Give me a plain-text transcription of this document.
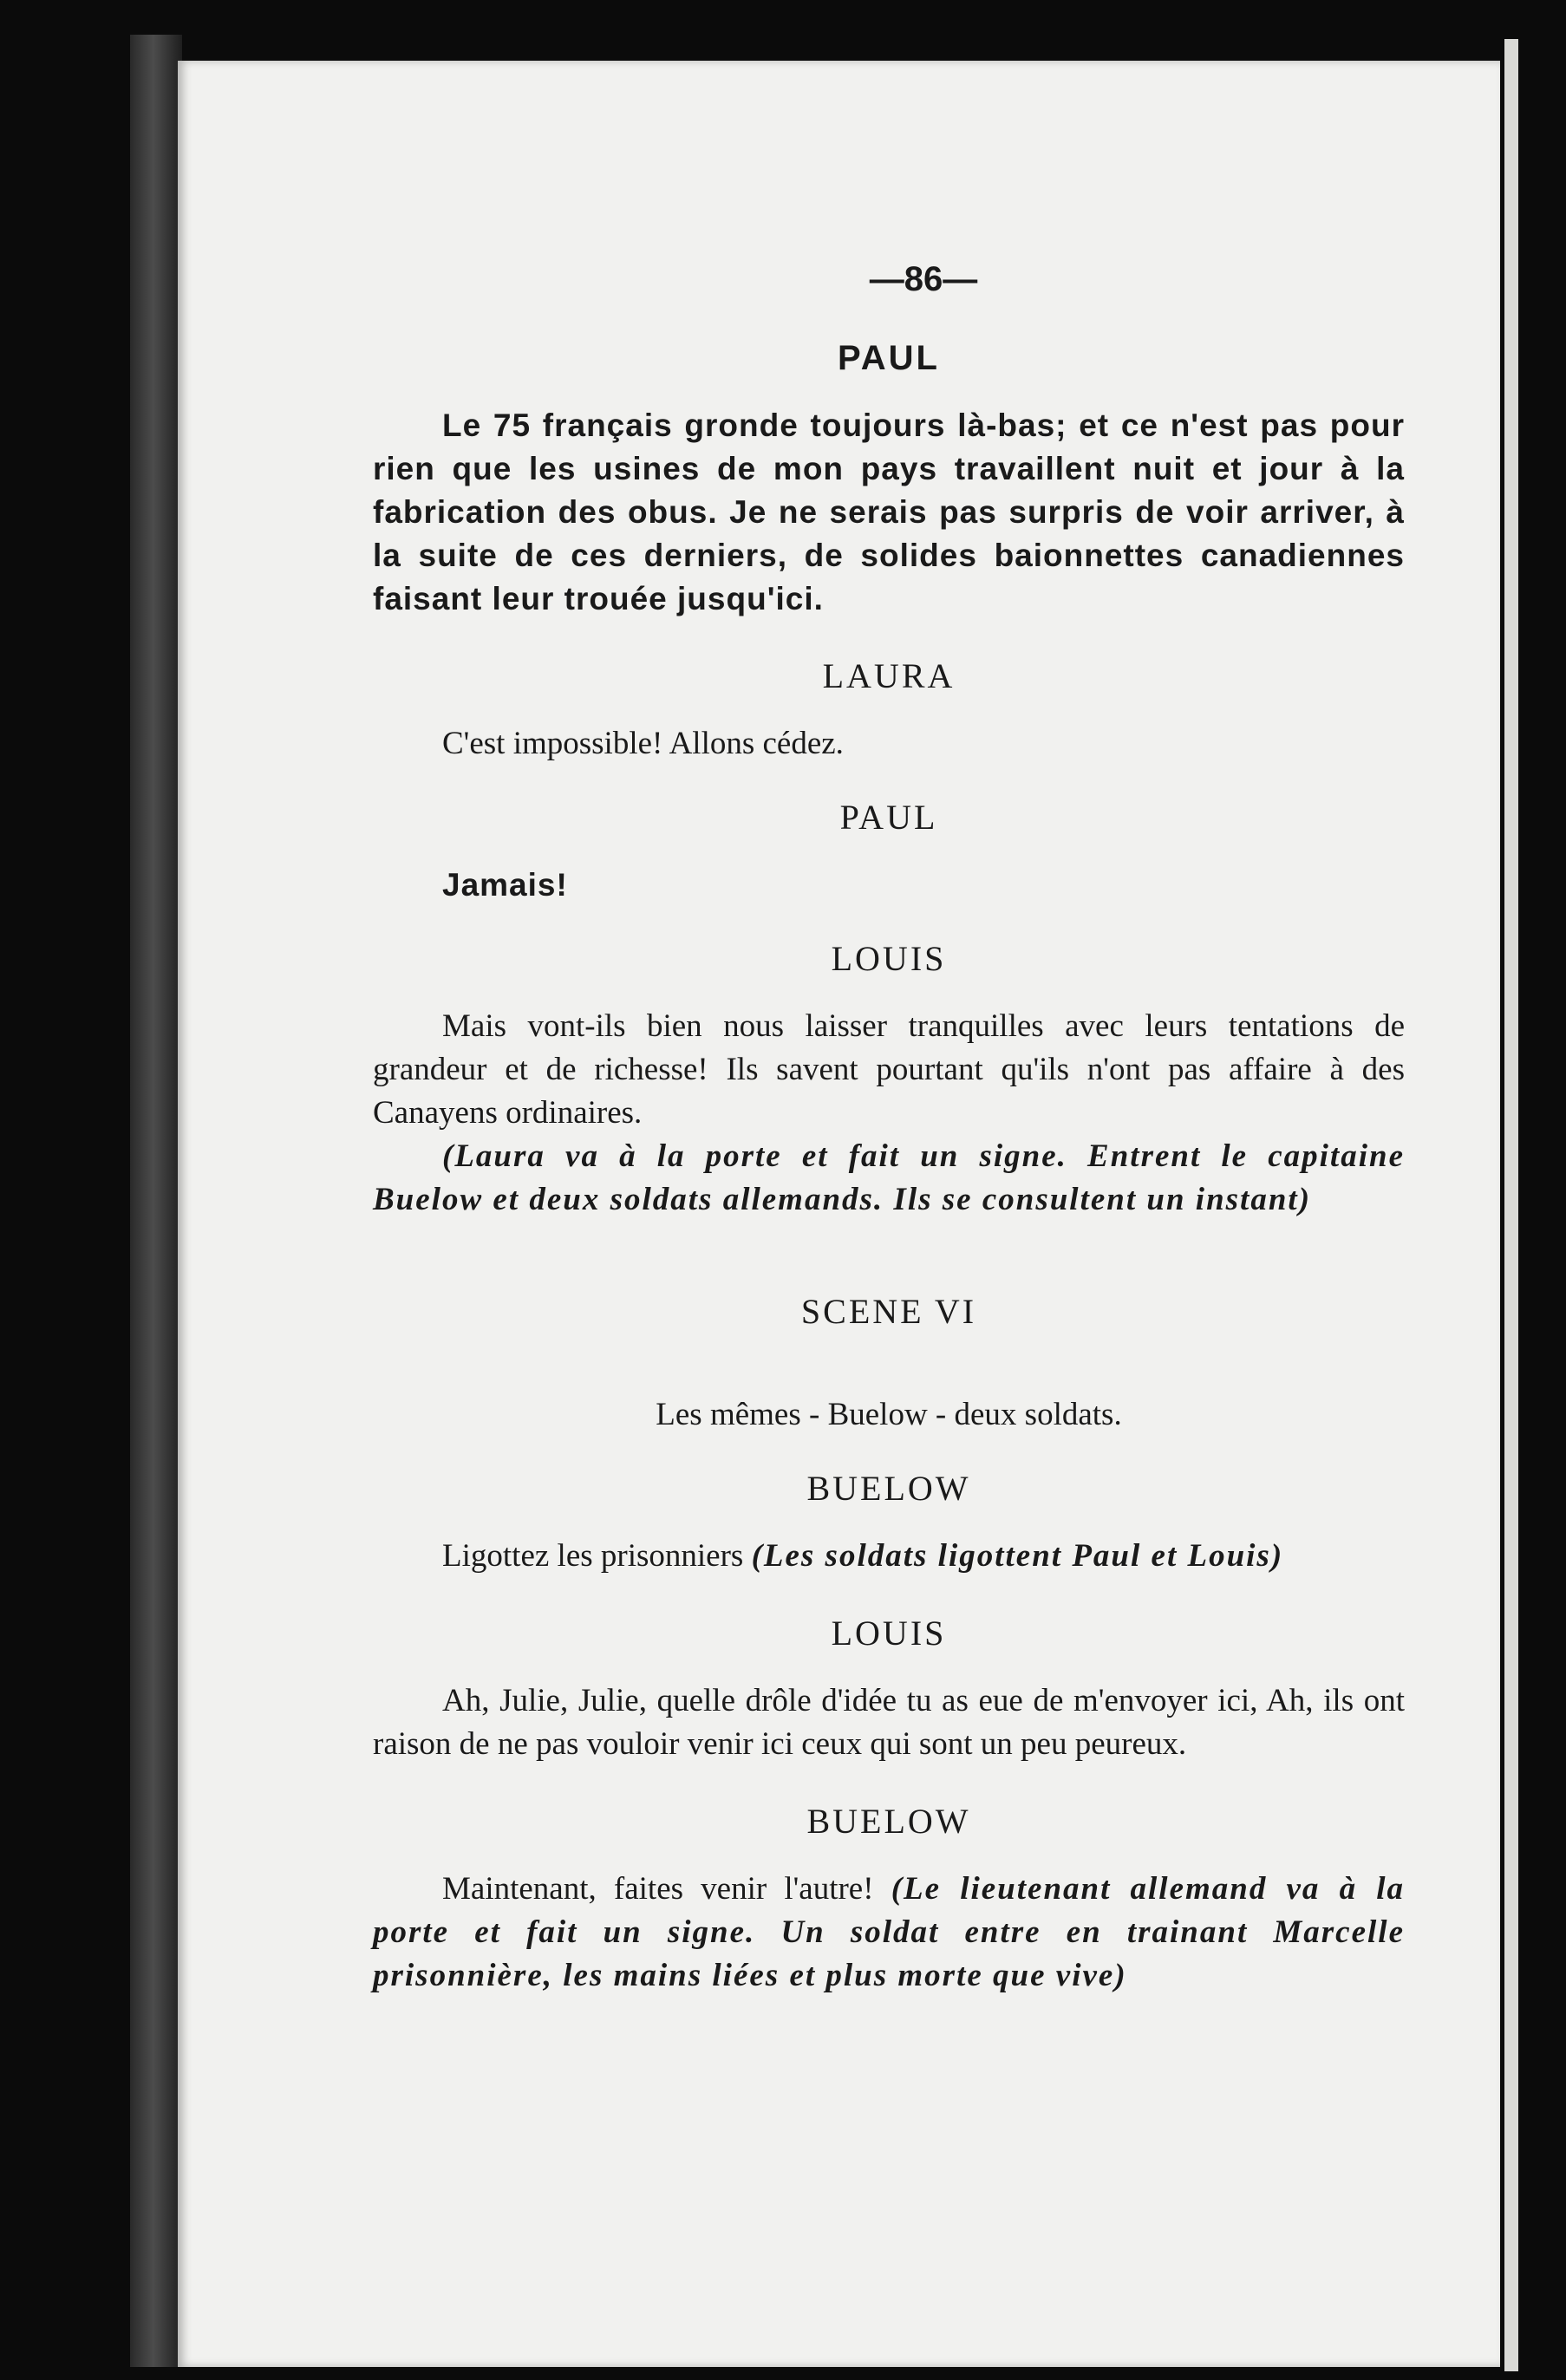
—86—
PAUL

Le 75 français gronde toujours là-bas; et ce n'est pas pour rien que les usines de mon pays travaillent nuit et jour à la fabrication des obus. Je ne serais pas surpris de voir arriver, à la suite de ces derniers, de solides baionnettes canadiennes faisant leur trouée jusqu'ici.

LAURA

C'est impossible! Allons cédez.

PAUL

Jamais!

LOUIS

Mais vont-ils bien nous laisser tranquilles avec leurs tentations de grandeur et de richesse! Ils savent pourtant qu'ils n'ont pas affaire à des Canayens ordinaires.

(Laura va à la porte et fait un signe. Entrent le capitaine Buelow et deux soldats allemands. Ils se consultent un instant)

SCENE VI
Les mêmes - Buelow - deux soldats.
BUELOW

Ligottez les prisonniers (Les soldats ligottent Paul et Louis)

LOUIS

Ah, Julie, Julie, quelle drôle d'idée tu as eue de m'envoyer ici, Ah, ils ont raison de ne pas vouloir venir ici ceux qui sont un peu peureux.

BUELOW

Maintenant, faites venir l'autre! (Le lieutenant allemand va à la porte et fait un signe. Un soldat entre en trainant Marcelle prisonnière, les mains liées et plus morte que vive)
